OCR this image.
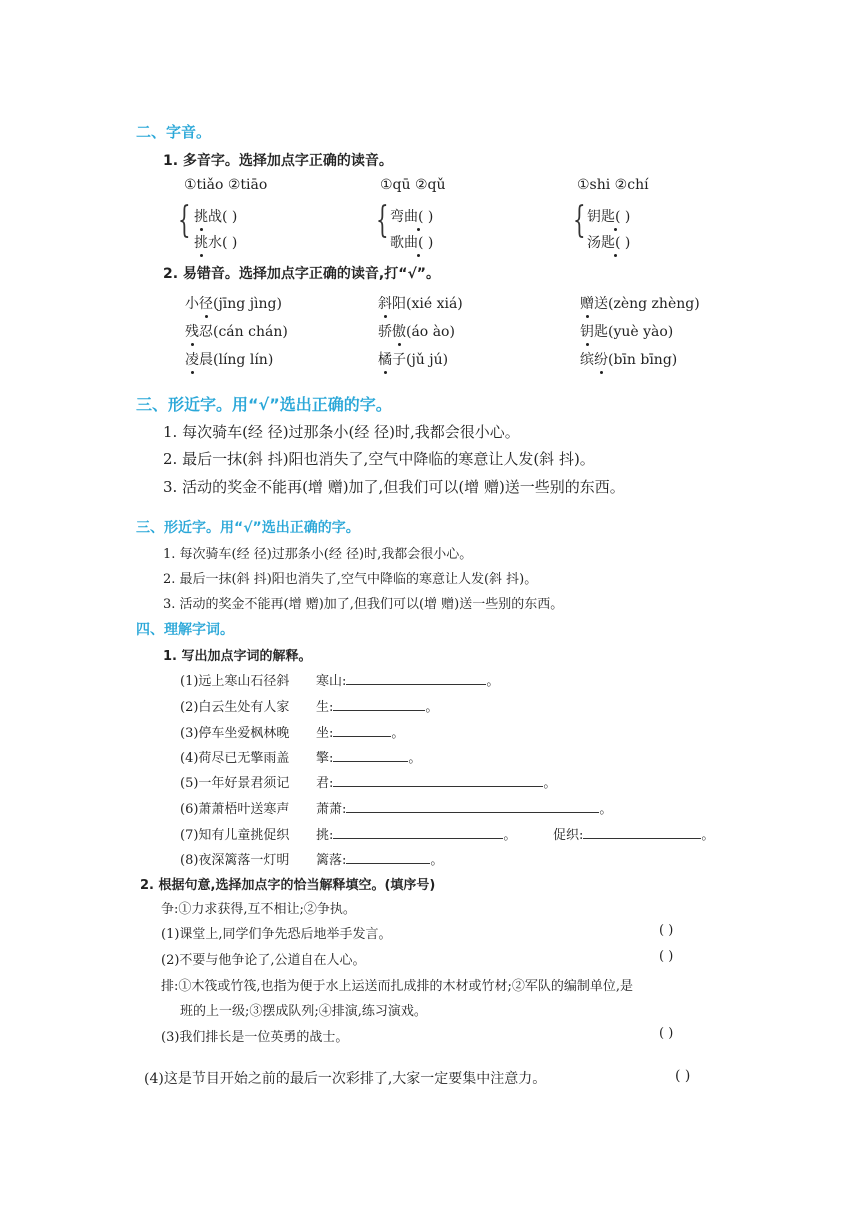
二、字音。
1. 多音字。选择加点字正确的读音。
①tiǎo ②tiāo	①qū ②qǔ	①shi ②chí
{ 挑战( )
挑水( )
{ 弯曲( )
歌曲( )
{ 钥匙( )
汤匙( )
2. 易错音。选择加点字正确的读音,打“√”。
小径(jīng jìng)	斜阳(xié xiá)	赠送(zèng zhèng)
残忍(cán chán)	骄傲(áo ào)	钥匙(yuè yào)
凌晨(líng lín)	橘子(jǔ jú)	缤纷(bīn bīng)
三、形近字。用“√”选出正确的字。
1. 每次骑车(经 径)过那条小(经 径)时,我都会很小心。
2. 最后一抹(斜 抖)阳也消失了,空气中降临的寒意让人发(斜 抖)。
3. 活动的奖金不能再(增 赠)加了,但我们可以(增 赠)送一些别的东西。
三、形近字。用“√”选出正确的字。
1. 每次骑车(经 径)过那条小(经 径)时,我都会很小心。
2. 最后一抹(斜 抖)阳也消失了,空气中降临的寒意让人发(斜 抖)。
3. 活动的奖金不能再(增 赠)加了,但我们可以(增 赠)送一些别的东西。
四、理解字词。
1. 写出加点字词的解释。
(1)远上寒山石径斜 寒山:	。
(2)白云生处有人家 生:	。
(3)停车坐爱枫林晚 坐:	。
(4)荷尽已无擎雨盖 擎:	。
(5)一年好景君须记 君:	。
(6)萧萧梧叶送寒声 萧萧:	。
(7)知有儿童挑促织 挑:	。	促织:	。
(8)夜深篱落一灯明 篱落:	。
2. 根据句意,选择加点字的恰当解释填空。(填序号)
争:①力求获得,互不相让;②争执。
(1)课堂上,同学们争先恐后地举手发言。	( )
(2)不要与他争论了,公道自在人心。	( )
排:①木筏或竹筏,也指为便于水上运送而扎成排的木材或竹材;②军队的编制单位,是
班的上一级;③摆成队列;④排演,练习演戏。
(3)我们排长是一位英勇的战士。	( )
(4)这是节目开始之前的最后一次彩排了,大家一定要集中注意力。	( )
